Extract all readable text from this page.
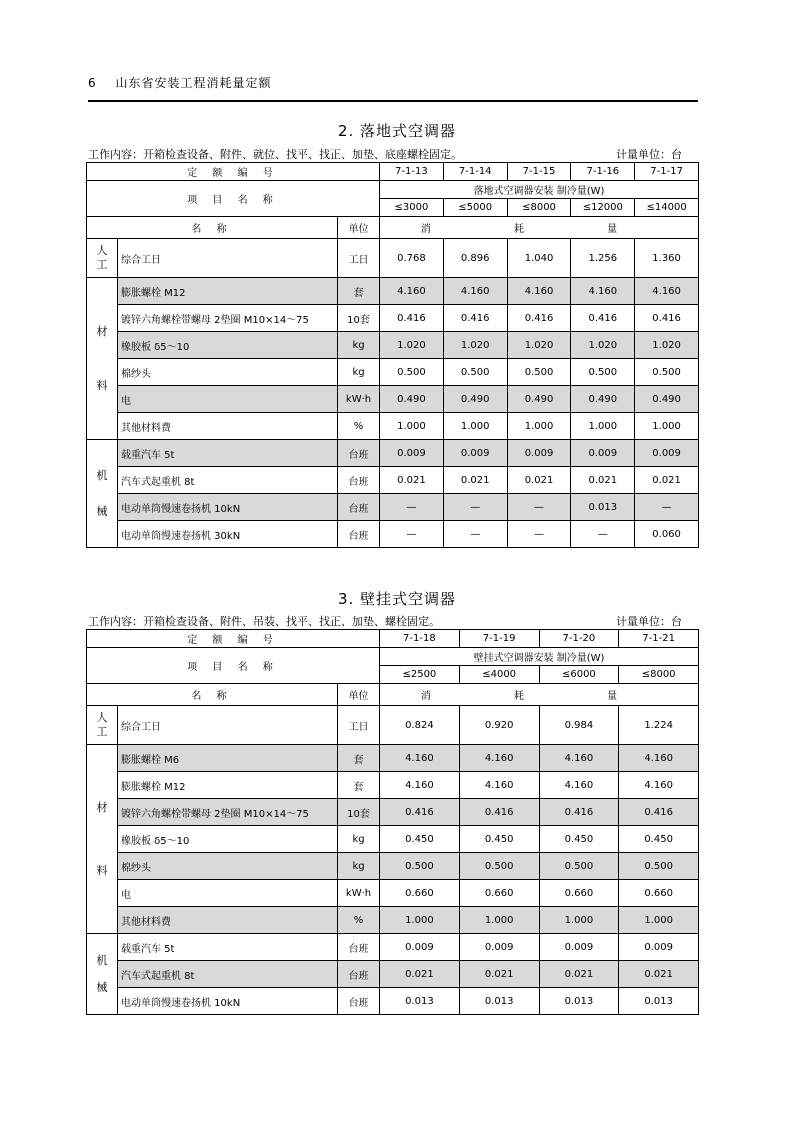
6 山东省安装工程消耗量定额
2. 落地式空调器
工作内容：开箱检查设备、附件、就位、找平、找正、加垫、底座螺栓固定。	计量单位：台
定 额 编 号			7-1-13	7-1-14	7-1-15	7-1-16	7-1-17
项 目 名 称			落地式空调器安装 制冷量(W)				
			≤3000	≤5000	≤8000	≤12000	≤14000
名 称		单位	消 耗 量				
人工	综合工日	工日	0.768	0.896	1.040	1.256	1.360
材料	膨胀螺栓 M12	套	4.160	4.160	4.160	4.160	4.160
	镀锌六角螺栓带螺母 2垫圈 M10×14～75	10套	0.416	0.416	0.416	0.416	0.416
	橡胶板 δ5～10	kg	1.020	1.020	1.020	1.020	1.020
	棉纱头	kg	0.500	0.500	0.500	0.500	0.500
	电	kW·h	0.490	0.490	0.490	0.490	0.490
	其他材料费	%	1.000	1.000	1.000	1.000	1.000
机械	载重汽车 5t	台班	0.009	0.009	0.009	0.009	0.009
	汽车式起重机 8t	台班	0.021	0.021	0.021	0.021	0.021
	电动单筒慢速卷扬机 10kN	台班	—	—	—	0.013	—
	电动单筒慢速卷扬机 30kN	台班	—	—	—	—	0.060
3. 壁挂式空调器
工作内容：开箱检查设备、附件、吊装、找平、找正、加垫、螺栓固定。	计量单位：台
定 额 编 号			7-1-18	7-1-19	7-1-20	7-1-21
项 目 名 称			壁挂式空调器安装 制冷量(W)			
			≤2500	≤4000	≤6000	≤8000
名 称		单位	消 耗 量			
人工	综合工日	工日	0.824	0.920	0.984	1.224
材料	膨胀螺栓 M6	套	4.160	4.160	4.160	4.160
	膨胀螺栓 M12	套	4.160	4.160	4.160	4.160
	镀锌六角螺栓带螺母 2垫圈 M10×14～75	10套	0.416	0.416	0.416	0.416
	橡胶板 δ5～10	kg	0.450	0.450	0.450	0.450
	棉纱头	kg	0.500	0.500	0.500	0.500
	电	kW·h	0.660	0.660	0.660	0.660
	其他材料费	%	1.000	1.000	1.000	1.000
机械	载重汽车 5t	台班	0.009	0.009	0.009	0.009
	汽车式起重机 8t	台班	0.021	0.021	0.021	0.021
	电动单筒慢速卷扬机 10kN	台班	0.013	0.013	0.013	0.013
